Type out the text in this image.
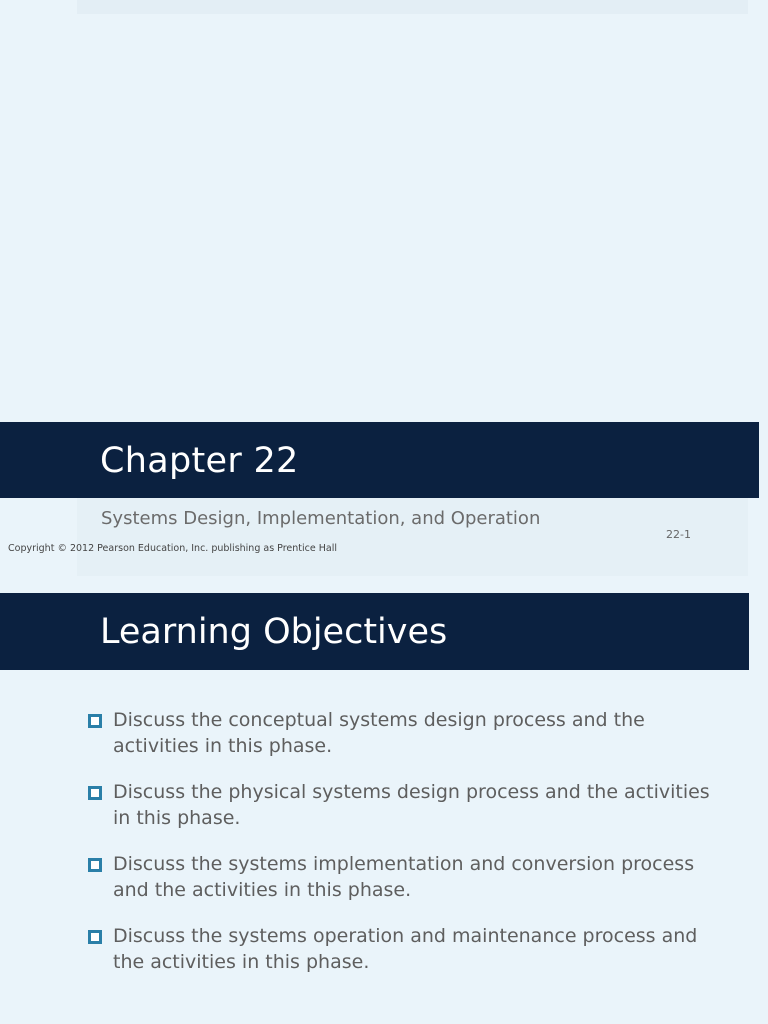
Chapter 22
Systems Design, Implementation, and Operation
22-1
Copyright © 2012 Pearson Education, Inc. publishing as Prentice Hall
Learning Objectives
Discuss the conceptual systems design process and the activities in this phase.
Discuss the physical systems design process and the activities in this phase.
Discuss the systems implementation and conversion process and the activities in this phase.
Discuss the systems operation and maintenance process and the activities in this phase.
